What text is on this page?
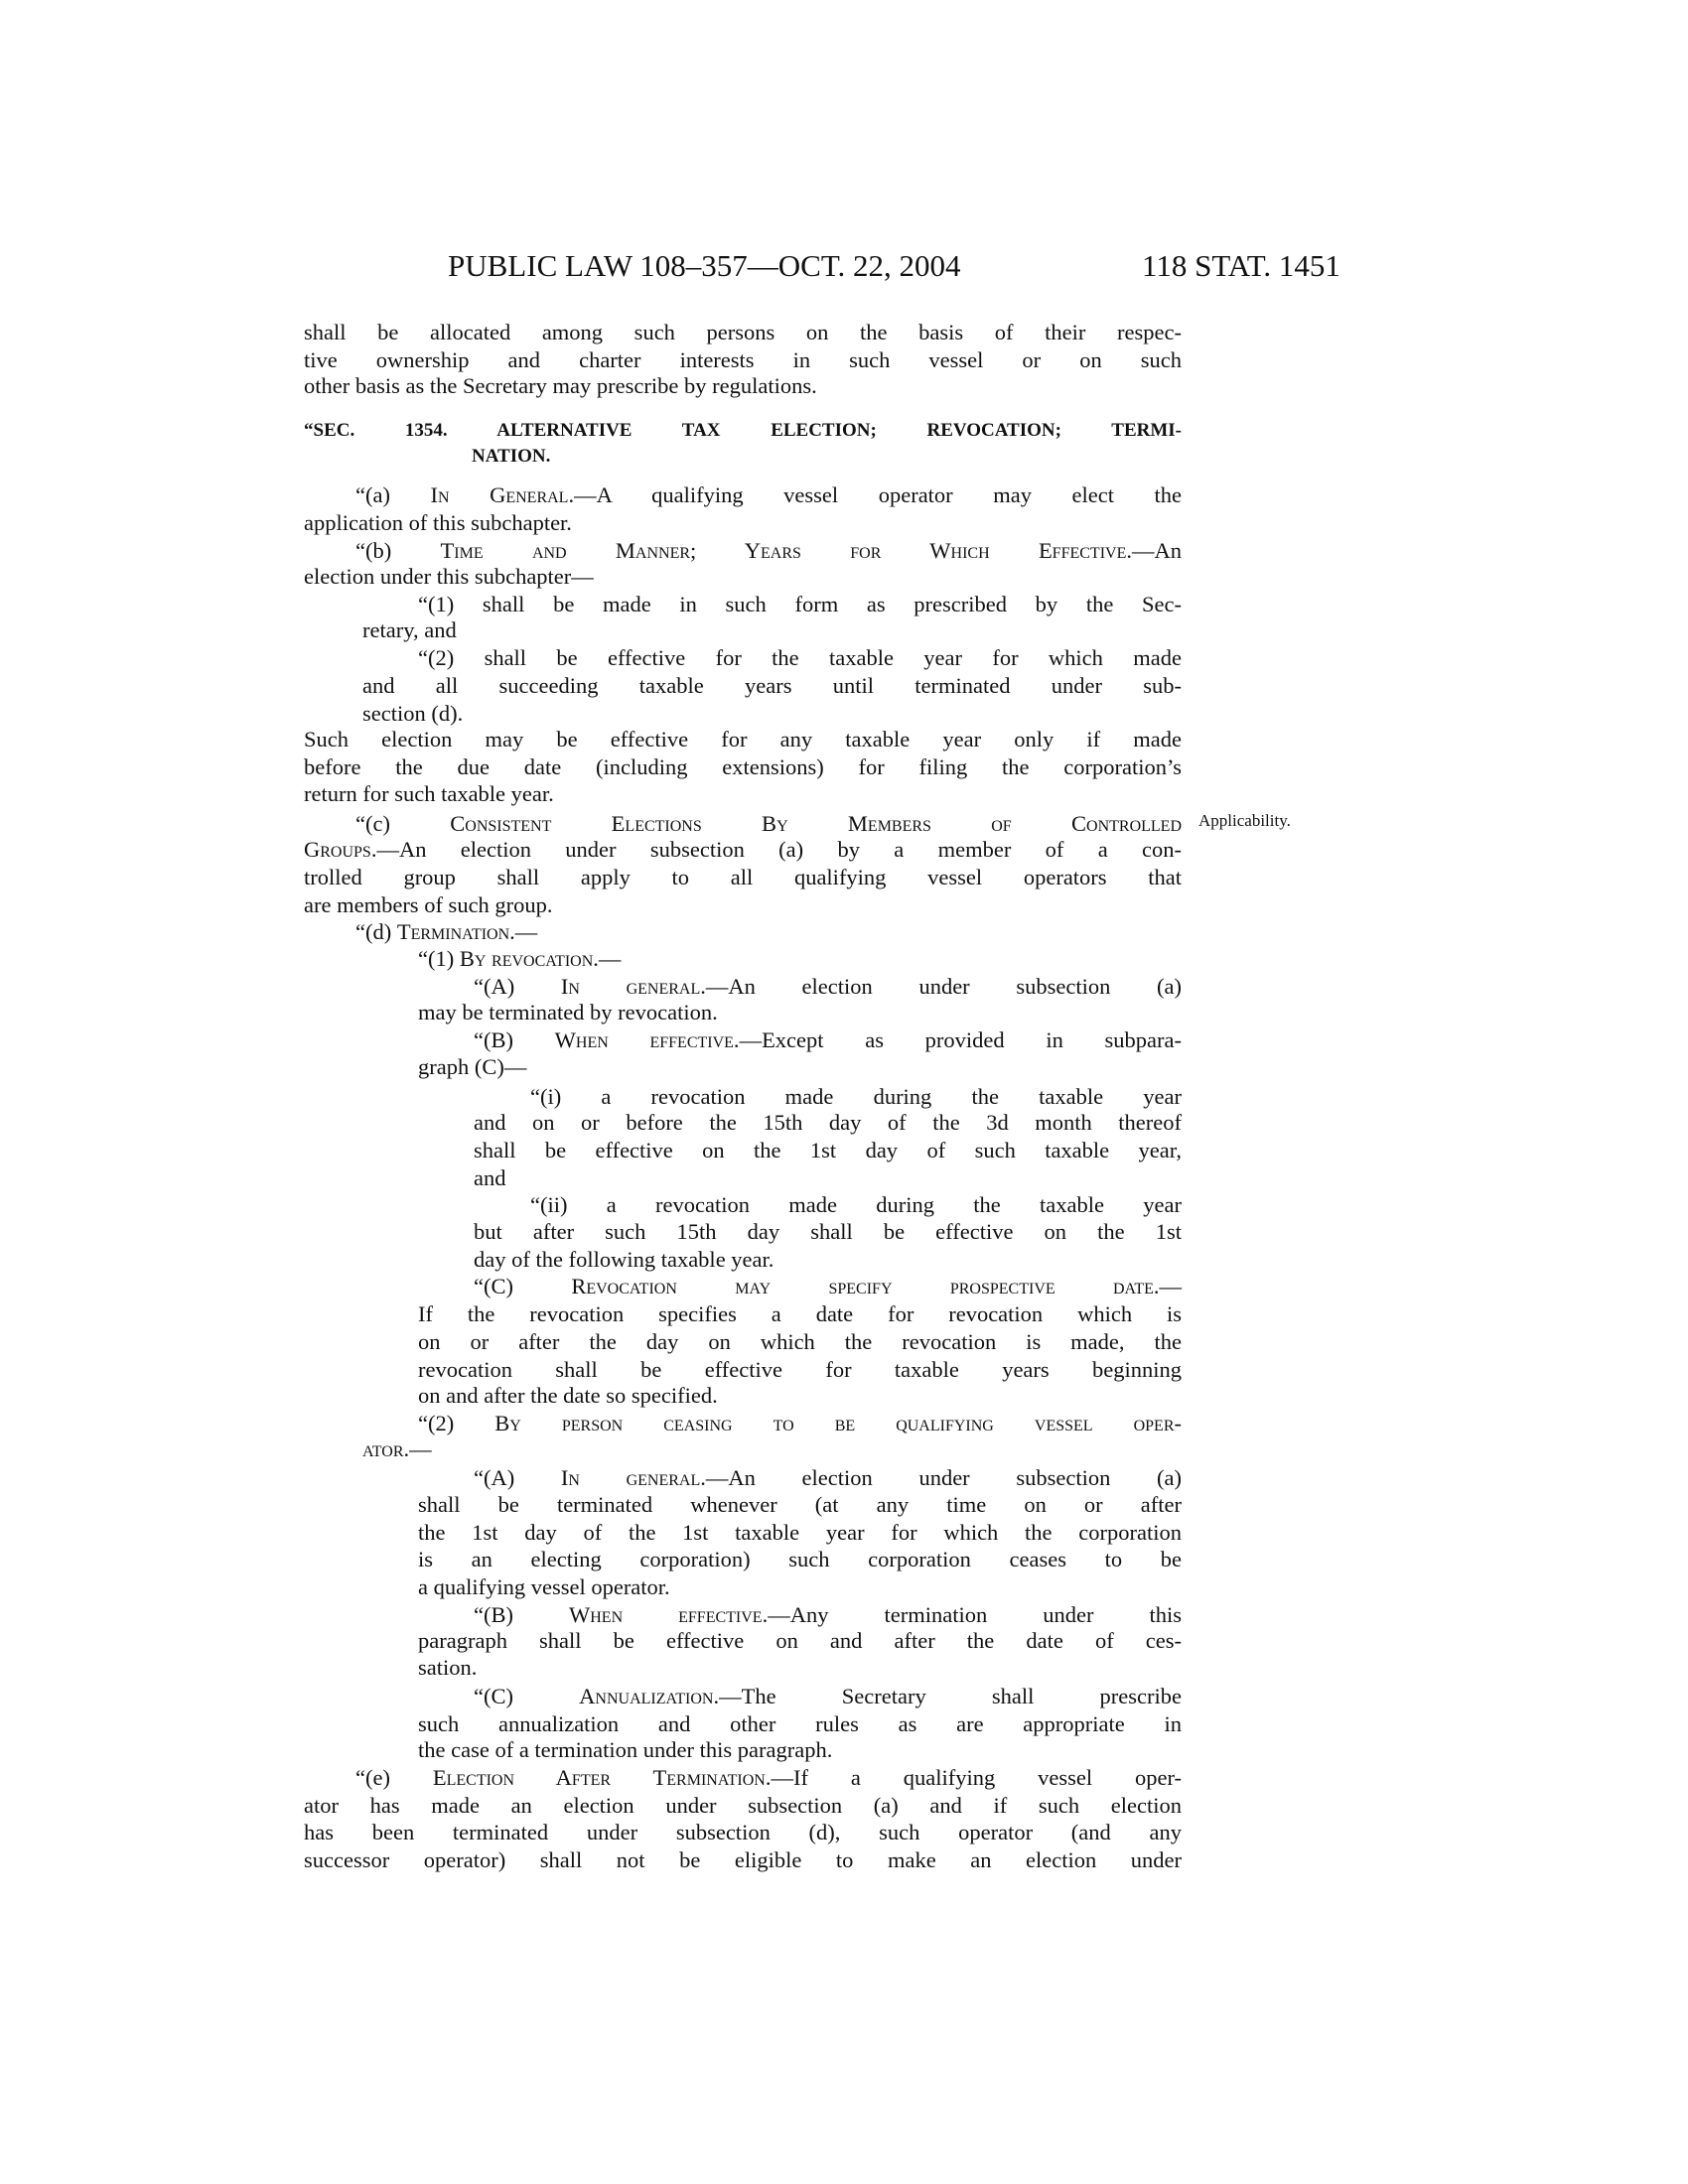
PUBLIC LAW 108–357—OCT. 22, 2004	118 STAT. 1451
Applicability.
shall be allocated among such persons on the basis of their respec-
tive ownership and charter interests in such vessel or on such
other basis as the Secretary may prescribe by regulations.
“SEC. 1354. ALTERNATIVE TAX ELECTION; REVOCATION; TERMI-
NATION.
“(a) In General.—A qualifying vessel operator may elect the
application of this subchapter.
“(b) Time and Manner; Years for Which Effective.—An
election under this subchapter—
“(1) shall be made in such form as prescribed by the Sec-
retary, and
“(2) shall be effective for the taxable year for which made
and all succeeding taxable years until terminated under sub-
section (d).
Such election may be effective for any taxable year only if made
before the due date (including extensions) for filing the corporation’s
return for such taxable year.
“(c) Consistent Elections By Members of Controlled
Groups.—An election under subsection (a) by a member of a con-
trolled group shall apply to all qualifying vessel operators that
are members of such group.
“(d) Termination.—
“(1) By revocation.—
“(A) In general.—An election under subsection (a)
may be terminated by revocation.
“(B) When effective.—Except as provided in subpara-
graph (C)—
“(i) a revocation made during the taxable year
and on or before the 15th day of the 3d month thereof
shall be effective on the 1st day of such taxable year,
and
“(ii) a revocation made during the taxable year
but after such 15th day shall be effective on the 1st
day of the following taxable year.
“(C) Revocation may specify prospective date.—
If the revocation specifies a date for revocation which is
on or after the day on which the revocation is made, the
revocation shall be effective for taxable years beginning
on and after the date so specified.
“(2) By person ceasing to be qualifying vessel oper-
ator.—
“(A) In general.—An election under subsection (a)
shall be terminated whenever (at any time on or after
the 1st day of the 1st taxable year for which the corporation
is an electing corporation) such corporation ceases to be
a qualifying vessel operator.
“(B) When effective.—Any termination under this
paragraph shall be effective on and after the date of ces-
sation.
“(C) Annualization.—The Secretary shall prescribe
such annualization and other rules as are appropriate in
the case of a termination under this paragraph.
“(e) Election After Termination.—If a qualifying vessel oper-
ator has made an election under subsection (a) and if such election
has been terminated under subsection (d), such operator (and any
successor operator) shall not be eligible to make an election under
